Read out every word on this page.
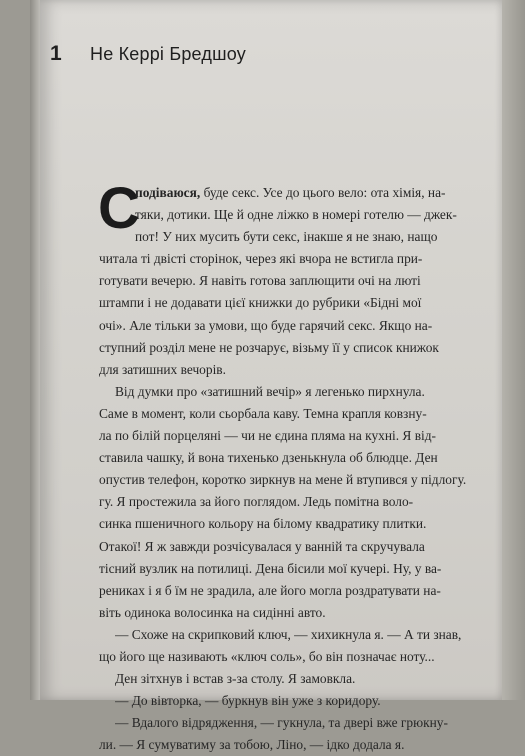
1	Не Керрі Бредшоу
С
подіваюся, буде секс. Усе до цього вело: ота хімія, на-
тяки, дотики. Ще й одне ліжко в номері готелю — джек-
пот! У них мусить бути секс, інакше я не знаю, нащо
читала ті двісті сторінок, через які вчора не встигла при-
готувати вечерю. Я навіть готова заплющити очі на люті
штампи і не додавати цієї книжки до рубрики «Бідні мої
очі». Але тільки за умови, що буде гарячий секс. Якщо на-
ступний розділ мене не розчарує, візьму її у список книжок
для затишних вечорів.
Від думки про «затишний вечір» я легенько пирхнула.
Саме в момент, коли сьорбала каву. Темна крапля ковзну-
ла по білій порцеляні — чи не єдина пляма на кухні. Я від-
ставила чашку, й вона тихенько дзенькнула об блюдце. Ден
опустив телефон, коротко зиркнув на мене й втупився у підлогу.
гу. Я простежила за його поглядом. Ледь помітна воло-
синка пшеничного кольору на білому квадратику плитки.
Отакої! Я ж завжди розчісувалася у ванній та скручувала
тісний вузлик на потилиці. Дена бісили мої кучері. Ну, у ва-
рениках і я б їм не зрадила, але його могла роздратувати на-
віть одинока волосинка на сидінні авто.
— Схоже на скрипковий ключ, — хихикнула я. — А ти знав,
що його ще називають «ключ соль», бо він позначає ноту...
Ден зітхнув і встав з-за столу. Я замовкла.
— До вівторка, — буркнув він уже з коридору.
— Вдалого відрядження, — гукнула, та двері вже грюкну-
ли. — Я сумуватиму за тобою, Ліно, — ідко додала я.
